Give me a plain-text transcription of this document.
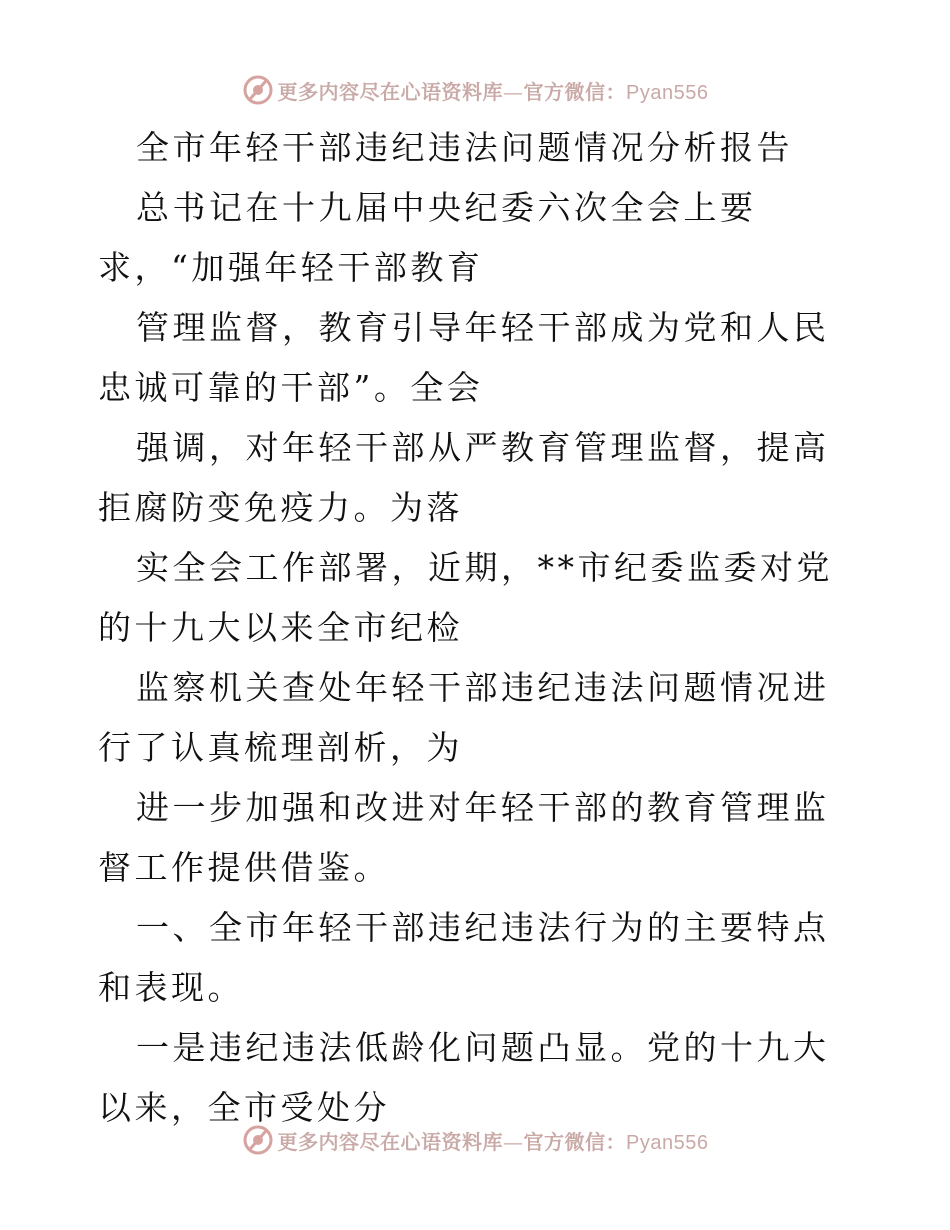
更多内容尽在心语资料库—官方微信：Pyan556

全市年轻干部违纪违法问题情况分析报告

总书记在十九届中央纪委六次全会上要求，“加强年轻干部教育

管理监督，教育引导年轻干部成为党和人民忠诚可靠的干部”。全会

强调，对年轻干部从严教育管理监督，提高拒腐防变免疫力。为落

实全会工作部署，近期，**市纪委监委对党的十九大以来全市纪检

监察机关查处年轻干部违纪违法问题情况进行了认真梳理剖析，为

进一步加强和改进对年轻干部的教育管理监督工作提供借鉴。

一、全市年轻干部违纪违法行为的主要特点和表现。

一是违纪违法低龄化问题凸显。党的十九大以来，全市受处分

更多内容尽在心语资料库—官方微信：Pyan556
